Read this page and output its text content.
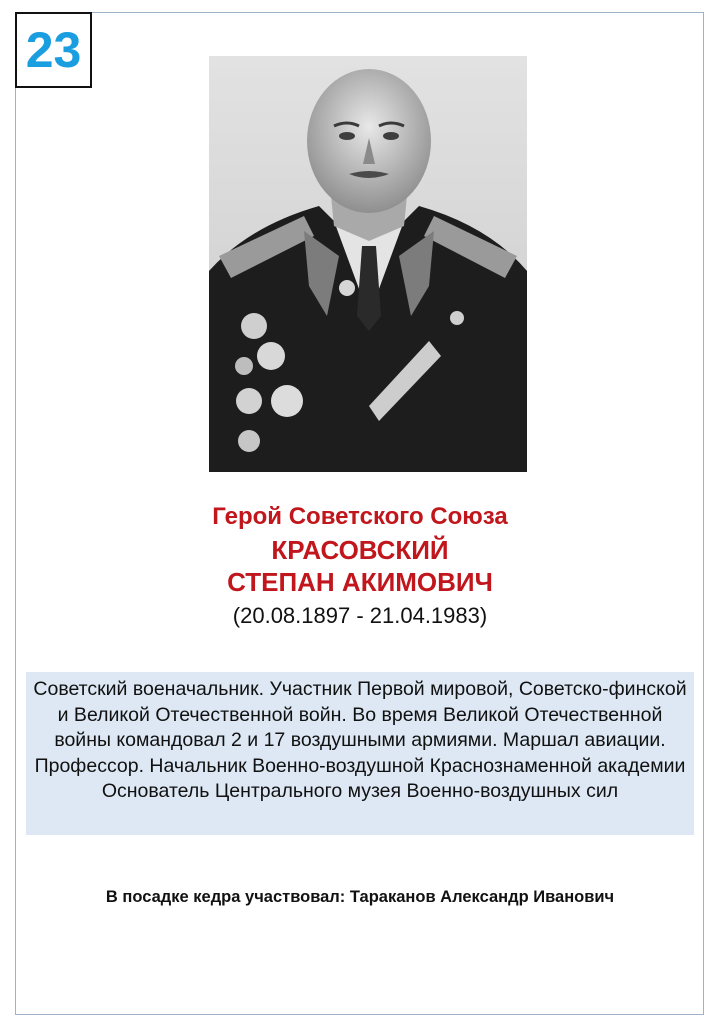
23
Герой Советского Союза
КРАСОВСКИЙ
СТЕПАН АКИМОВИЧ
(20.08.1897 - 21.04.1983)
Советский военачальник. Участник Первой мировой, Советско-финской и Великой Отечественной войн. Во время Великой Отечественной войны командовал 2 и 17 воздушными армиями. Маршал авиации. Профессор. Начальник Военно-воздушной Краснознаменной академии Основатель Центрального музея Военно-воздушных сил
В посадке кедра участвовал: Тараканов Александр Иванович
